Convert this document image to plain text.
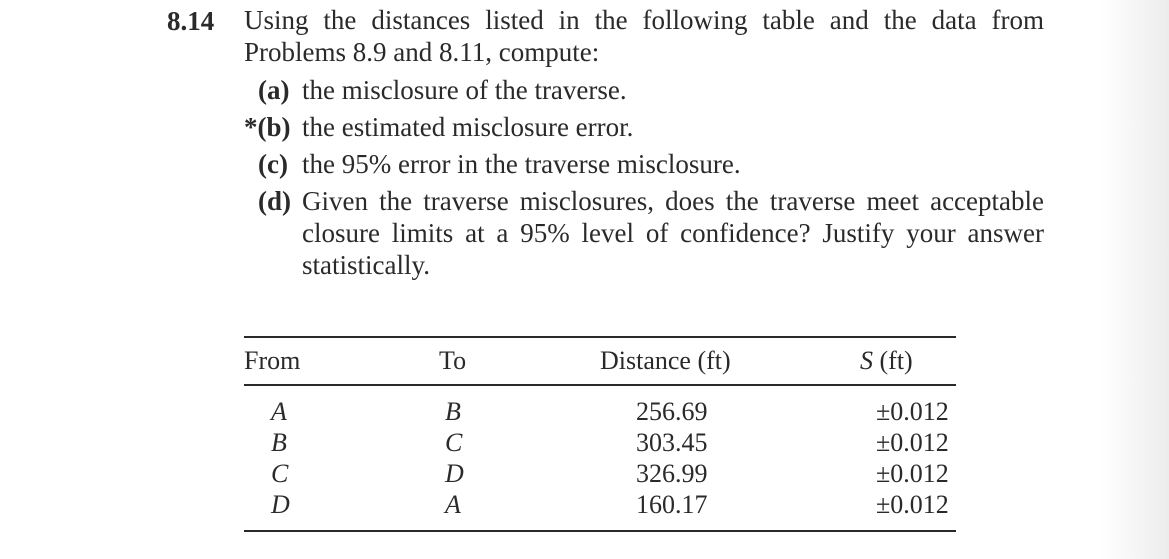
8.14 Using the distances listed in the following table and the data from Problems 8.9 and 8.11, compute:
(a) the misclosure of the traverse.
*(b) the estimated misclosure error.
(c) the 95% error in the traverse misclosure.
(d) Given the traverse misclosures, does the traverse meet acceptable closure limits at a 95% level of confidence? Justify your answer statistically.
From	To	Distance (ft)	S (ft)
A	B	256.69	±0.012
B	C	303.45	±0.012
C	D	326.99	±0.012
D	A	160.17	±0.012
